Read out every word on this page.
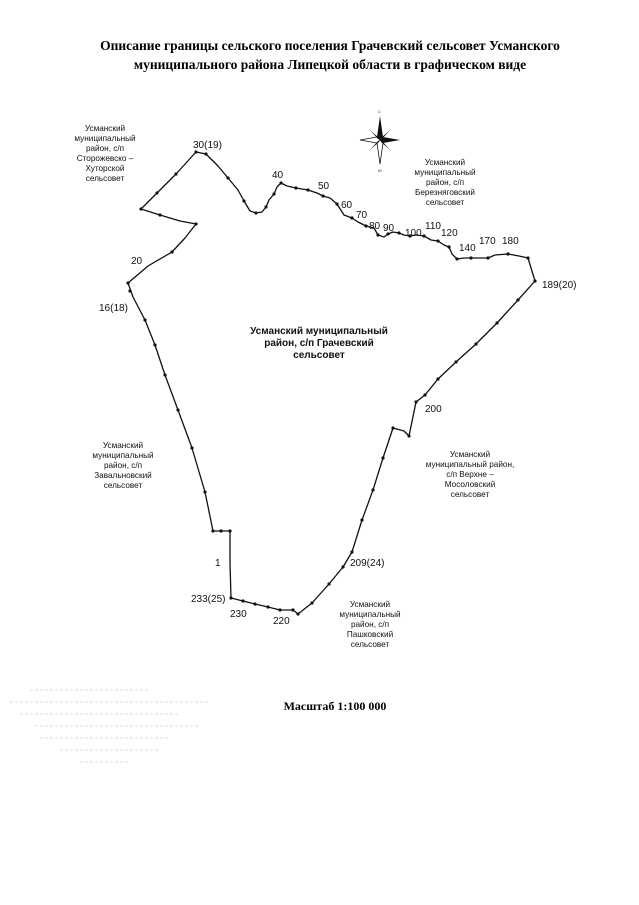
Описание границы сельского поселения Грачевский сельсовет Усманского
муниципального района Липецкой области в графическом виде
30(19)
40
50
60
70
80 90 100
110
120
140
170 180
189(20)
200
209(24)
220
230
233(25)
1
16(18)
20
С
Ю
Усманский
муниципальный
район, с/п
Сторожевско –
Хуторской
сельсовет
Усманский
муниципальный
район, с/п
Березняговский
сельсовет
Усманский муниципальный
район, с/п Грачевский
сельсовет
Усманский
муниципальный
район, с/п
Завальновский
сельсовет
Усманский
муниципальный район,
с/п Верхне –
Мосоловский
сельсовет
Усманский
муниципальный
район, с/п
Пашковский
сельсовет
Масштаб 1:100 000
